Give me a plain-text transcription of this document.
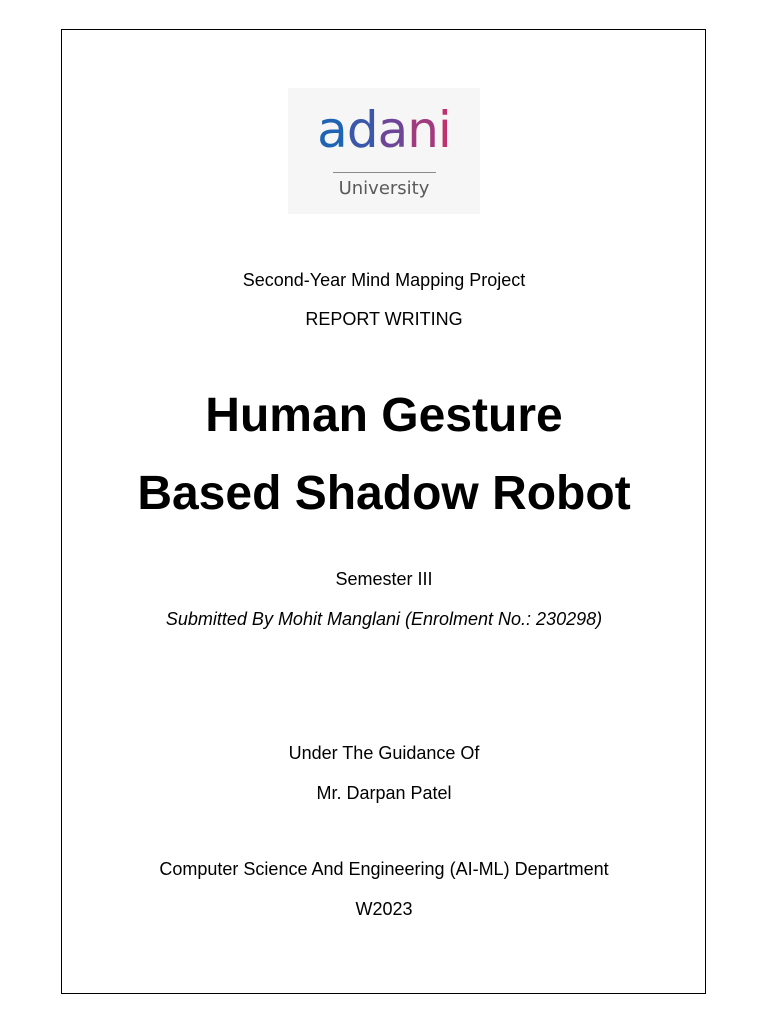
adani
University
Second-Year Mind Mapping Project
REPORT WRITING
Human Gesture
Based Shadow Robot
Semester III
Submitted By Mohit Manglani (Enrolment No.: 230298)
Under The Guidance Of
Mr. Darpan Patel
Computer Science And Engineering (AI-ML) Department
W2023
